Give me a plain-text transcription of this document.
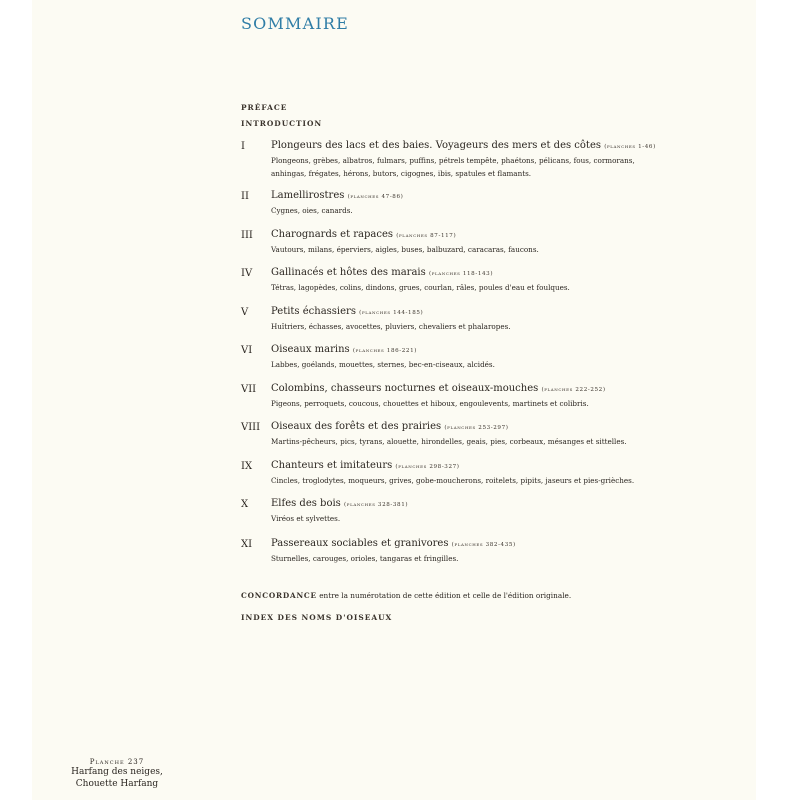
SOMMAIRE
PRÉFACE
INTRODUCTION
I	Plongeurs des lacs et des baies. Voyageurs des mers et des côtes (planches 1-46)
Plongeons, grèbes, albatros, fulmars, puffins, pétrels tempête, phaétons, pélicans, fous, cormorans, anhingas, frégates, hérons, butors, cigognes, ibis, spatules et flamants.
II Lamellirostres (planches 47-86)
Cygnes, oies, canards.
III Charognards et rapaces (planches 87-117)
Vautours, milans, éperviers, aigles, buses, balbuzard, caracaras, faucons.
IV Gallinacés et hôtes des marais (planches 118-143)
Tétras, lagopèdes, colins, dindons, grues, courlan, râles, poules d'eau et foulques.
V Petits échassiers (planches 144-185)
Huîtriers, échasses, avocettes, pluviers, chevaliers et phalaropes.
VI Oiseaux marins (planches 186-221)
Labbes, goélands, mouettes, sternes, bec-en-ciseaux, alcidés.
VII Colombins, chasseurs nocturnes et oiseaux-mouches (planches 222-252)
Pigeons, perroquets, coucous, chouettes et hiboux, engoulevents, martinets et colibris.
VIII Oiseaux des forêts et des prairies (planches 253-297)
Martins-pêcheurs, pics, tyrans, alouette, hirondelles, geais, pies, corbeaux, mésanges et sittelles.
IX Chanteurs et imitateurs (planches 298-327)
Cincles, troglodytes, moqueurs, grives, gobe-moucherons, roitelets, pipits, jaseurs et pies-grièches.
X Elfes des bois (planches 328-381)
Viréos et sylvettes.
XI Passereaux sociables et granivores (planches 382-435)
Sturnelles, carouges, orioles, tangaras et fringilles.
CONCORDANCE entre la numérotation de cette édition et celle de l'édition originale.
INDEX DES NOMS D'OISEAUX
Planche 237
Harfang des neiges,
Chouette Harfang
